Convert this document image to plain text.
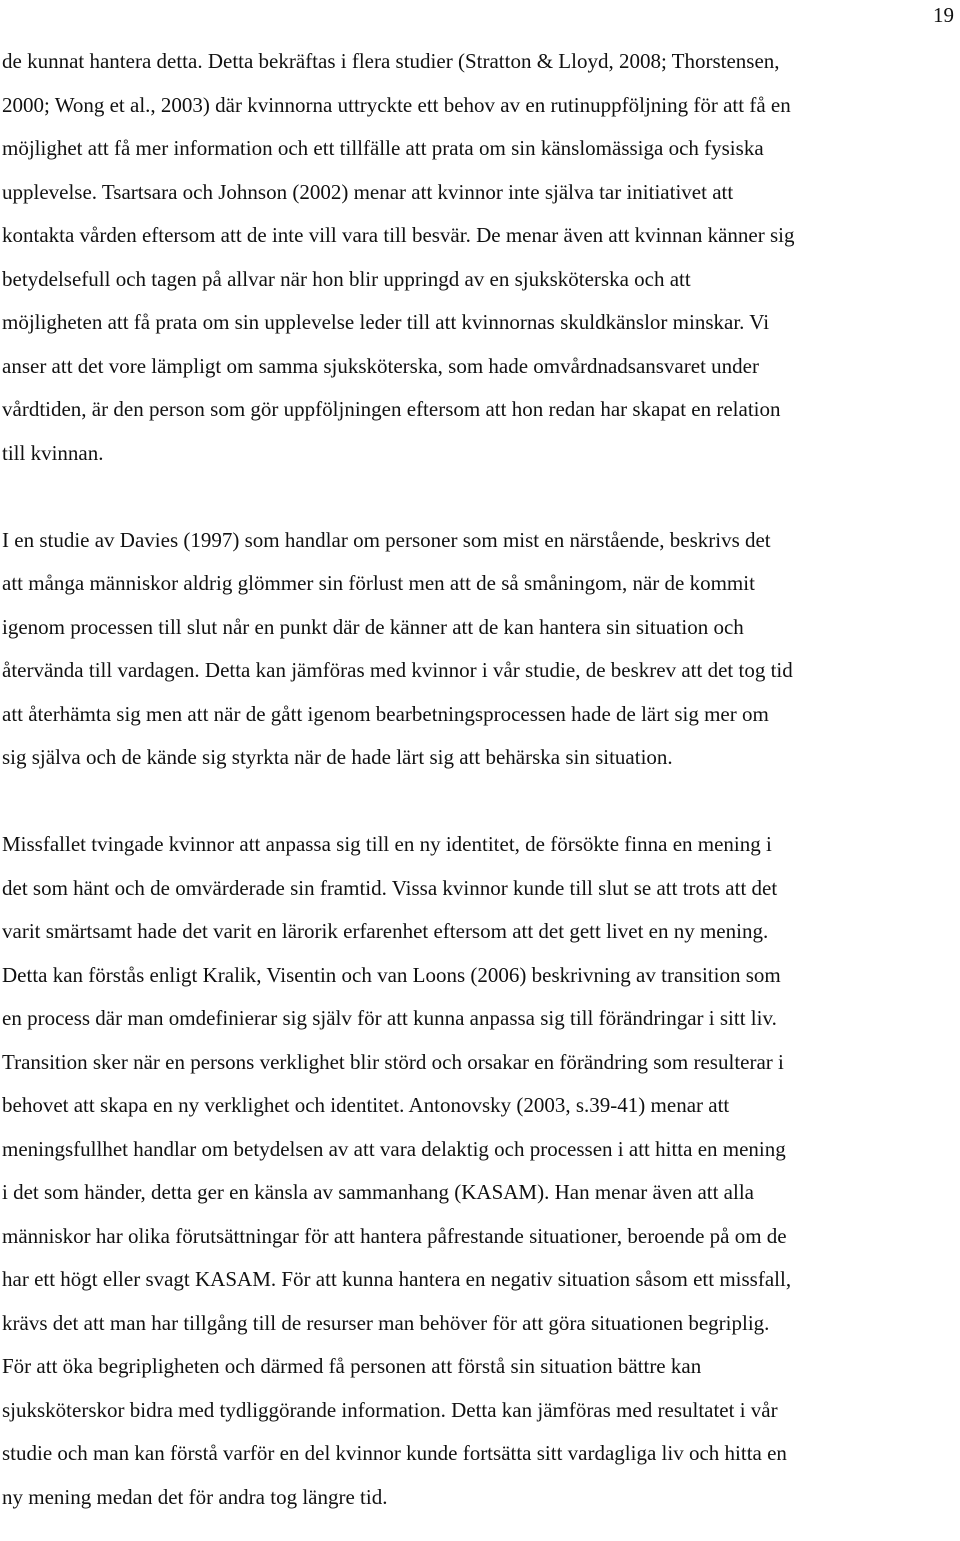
19
de kunnat hantera detta. Detta bekräftas i flera studier (Stratton & Lloyd, 2008; Thorstensen,
2000; Wong et al., 2003) där kvinnorna uttryckte ett behov av en rutinuppföljning för att få en
möjlighet att få mer information och ett tillfälle att prata om sin känslomässiga och fysiska
upplevelse. Tsartsara och Johnson (2002) menar att kvinnor inte själva tar initiativet att
kontakta vården eftersom att de inte vill vara till besvär. De menar även att kvinnan känner sig
betydelsefull och tagen på allvar när hon blir uppringd av en sjuksköterska och att
möjligheten att få prata om sin upplevelse leder till att kvinnornas skuldkänslor minskar. Vi
anser att det vore lämpligt om samma sjuksköterska, som hade omvårdnadsansvaret under
vårdtiden, är den person som gör uppföljningen eftersom att hon redan har skapat en relation
till kvinnan.
I en studie av Davies (1997) som handlar om personer som mist en närstående, beskrivs det
att många människor aldrig glömmer sin förlust men att de så småningom, när de kommit
igenom processen till slut når en punkt där de känner att de kan hantera sin situation och
återvända till vardagen. Detta kan jämföras med kvinnor i vår studie, de beskrev att det tog tid
att återhämta sig men att när de gått igenom bearbetningsprocessen hade de lärt sig mer om
sig själva och de kände sig styrkta när de hade lärt sig att behärska sin situation.
Missfallet tvingade kvinnor att anpassa sig till en ny identitet, de försökte finna en mening i
det som hänt och de omvärderade sin framtid. Vissa kvinnor kunde till slut se att trots att det
varit smärtsamt hade det varit en lärorik erfarenhet eftersom att det gett livet en ny mening.
Detta kan förstås enligt Kralik, Visentin och van Loons (2006) beskrivning av transition som
en process där man omdefinierar sig själv för att kunna anpassa sig till förändringar i sitt liv.
Transition sker när en persons verklighet blir störd och orsakar en förändring som resulterar i
behovet att skapa en ny verklighet och identitet. Antonovsky (2003, s.39-41) menar att
meningsfullhet handlar om betydelsen av att vara delaktig och processen i att hitta en mening
i det som händer, detta ger en känsla av sammanhang (KASAM). Han menar även att alla
människor har olika förutsättningar för att hantera påfrestande situationer, beroende på om de
har ett högt eller svagt KASAM. För att kunna hantera en negativ situation såsom ett missfall,
krävs det att man har tillgång till de resurser man behöver för att göra situationen begriplig.
För att öka begripligheten och därmed få personen att förstå sin situation bättre kan
sjuksköterskor bidra med tydliggörande information. Detta kan jämföras med resultatet i vår
studie och man kan förstå varför en del kvinnor kunde fortsätta sitt vardagliga liv och hitta en
ny mening medan det för andra tog längre tid.
